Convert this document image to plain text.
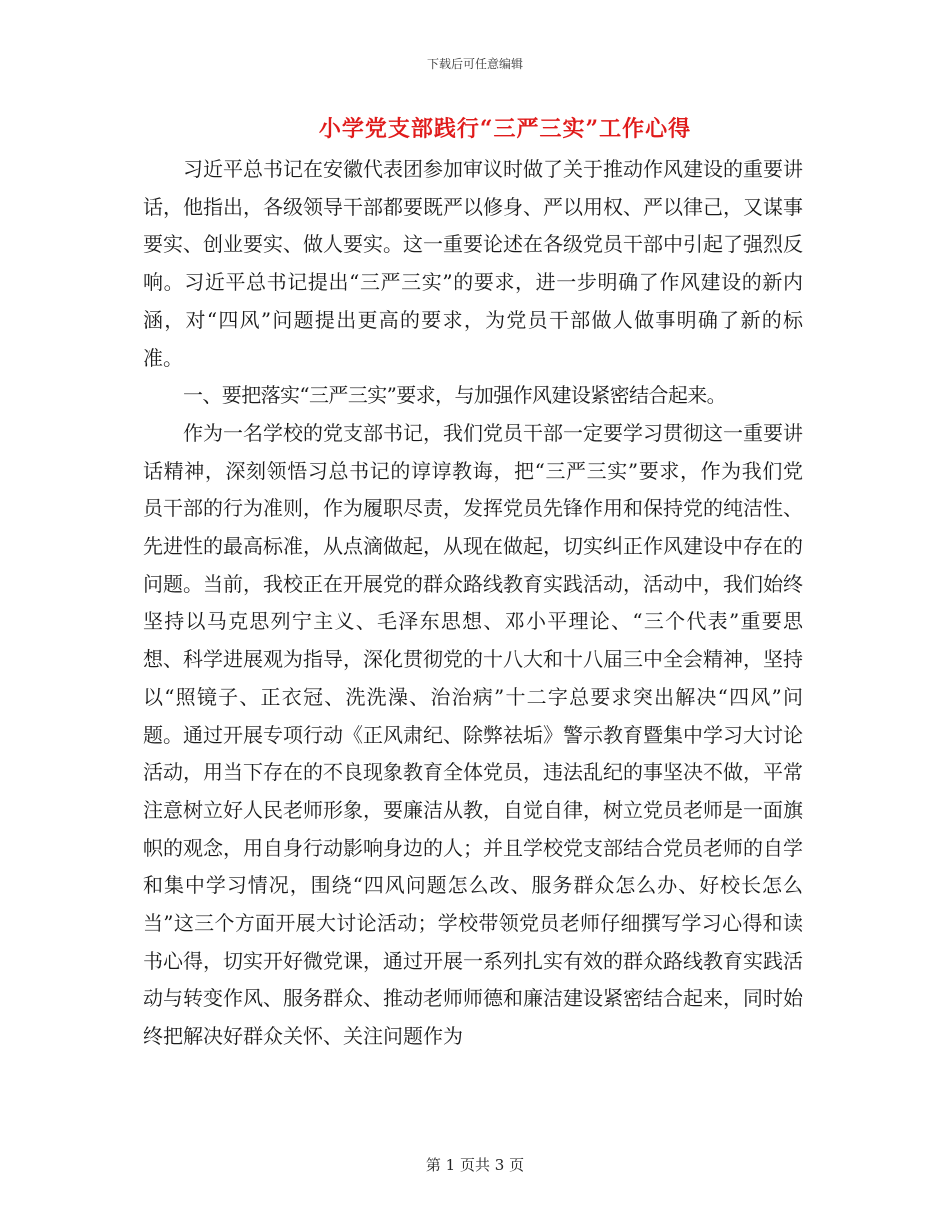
下载后可任意编辑
小学党支部践行“三严三实”工作心得

习近平总书记在安徽代表团参加审议时做了关于推动作风建设的重要讲话，他指出，各级领导干部都要既严以修身、严以用权、严以律己，又谋事要实、创业要实、做人要实。这一重要论述在各级党员干部中引起了强烈反响。习近平总书记提出“三严三实”的要求，进一步明确了作风建设的新内涵，对“四风”问题提出更高的要求，为党员干部做人做事明确了新的标准。

一、要把落实“三严三实”要求，与加强作风建设紧密结合起来。

作为一名学校的党支部书记，我们党员干部一定要学习贯彻这一重要讲话精神，深刻领悟习总书记的谆谆教诲，把“三严三实”要求，作为我们党员干部的行为准则，作为履职尽责，发挥党员先锋作用和保持党的纯洁性、先进性的最高标准，从点滴做起，从现在做起，切实纠正作风建设中存在的问题。当前，我校正在开展党的群众路线教育实践活动，活动中，我们始终坚持以马克思列宁主义、毛泽东思想、邓小平理论、“三个代表”重要思想、科学进展观为指导，深化贯彻党的十八大和十八届三中全会精神，坚持以“照镜子、正衣冠、洗洗澡、治治病”十二字总要求突出解决“四风”问题。通过开展专项行动《正风肃纪、除弊祛垢》警示教育暨集中学习大讨论活动，用当下存在的不良现象教育全体党员，违法乱纪的事坚决不做，平常注意树立好人民老师形象，要廉洁从教，自觉自律，树立党员老师是一面旗帜的观念，用自身行动影响身边的人；并且学校党支部结合党员老师的自学和集中学习情况，围绕“四风问题怎么改、服务群众怎么办、好校长怎么当”这三个方面开展大讨论活动；学校带领党员老师仔细撰写学习心得和读书心得，切实开好微党课，通过开展一系列扎实有效的群众路线教育实践活动与转变作风、服务群众、推动老师师德和廉洁建设紧密结合起来，同时始终把解决好群众关怀、关注问题作为

第 1 页共 3 页
